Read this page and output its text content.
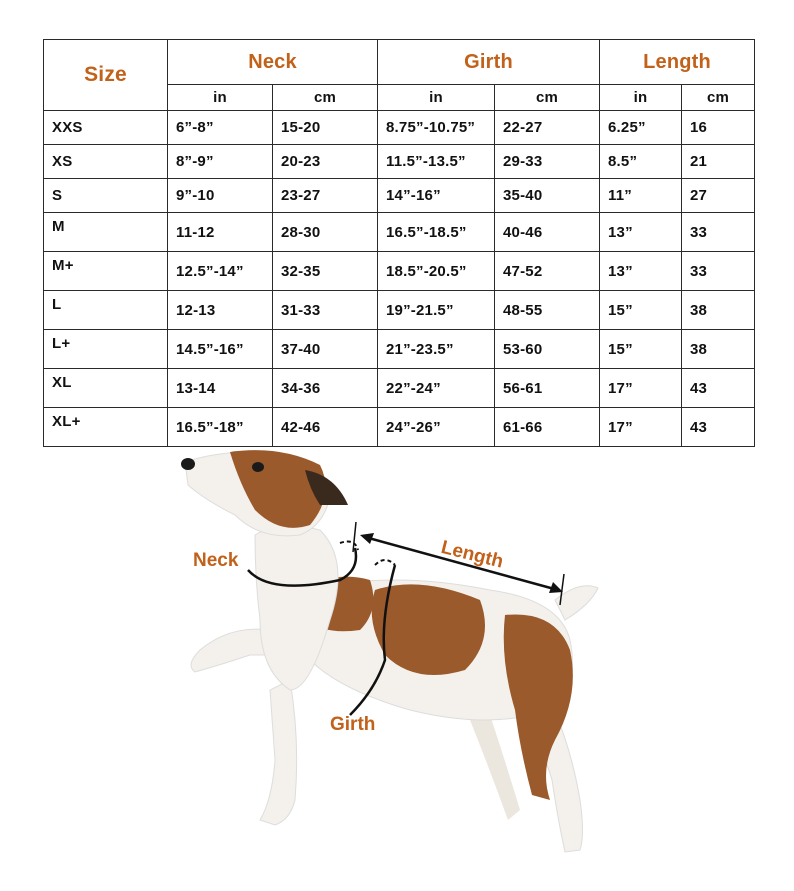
Size	Neck		Girth		Length	
	in	cm	in	cm	in	cm
XXS	6”-8”	15-20	8.75”-10.75”	22-27	6.25”	16
XS	8”-9”	20-23	11.5”-13.5”	29-33	8.5”	21
S	9”-10	23-27	14”-16”	35-40	11”	27
M	11-12	28-30	16.5”-18.5”	40-46	13”	33
M+	12.5”-14”	32-35	18.5”-20.5”	47-52	13”	33
L	12-13	31-33	19”-21.5”	48-55	15”	38
L+	14.5”-16”	37-40	21”-23.5”	53-60	15”	38
XL	13-14	34-36	22”-24”	56-61	17”	43
XL+	16.5”-18”	42-46	24”-26”	61-66	17”	43
Neck
Girth
Length
